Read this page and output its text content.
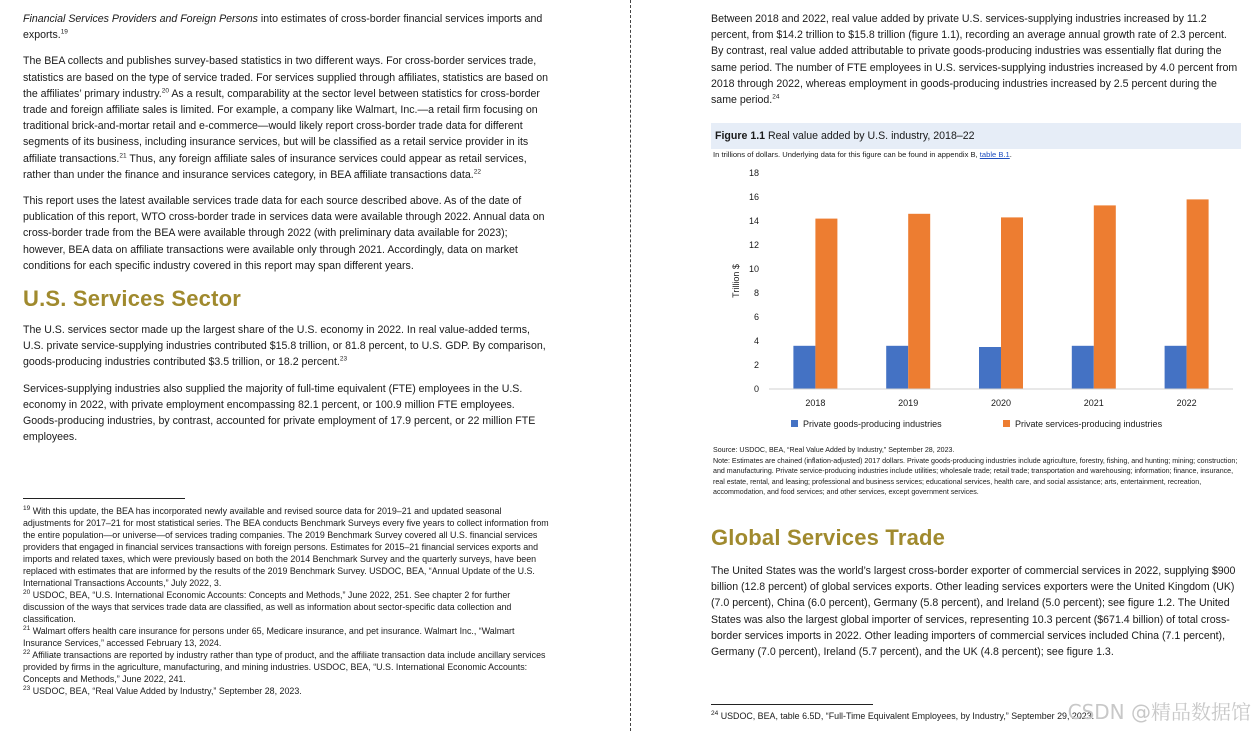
Financial Services Providers and Foreign Persons into estimates of cross-border financial services imports and exports.$^{19}$

The BEA collects and publishes survey-based statistics in two different ways. For cross-border services trade, statistics are based on the type of service traded. For services supplied through affiliates, statistics are based on the affiliates’ primary industry.$^{20}$ As a result, comparability at the sector level between statistics for cross-border trade and foreign affiliate sales is limited. For example, a company like Walmart, Inc.—a retail firm focusing on traditional brick-and-mortar retail and e-commerce—would likely report cross-border trade data for different segments of its business, including insurance services, but will be classified as a retail service provider in its affiliate transactions.$^{21}$ Thus, any foreign affiliate sales of insurance services could appear as retail services, rather than under the finance and insurance services category, in BEA affiliate transactions data.$^{22}$

This report uses the latest available services trade data for each source described above. As of the date of publication of this report, WTO cross-border trade in services data were available through 2022. Annual data on cross-border trade from the BEA were available through 2022 (with preliminary data available for 2023); however, BEA data on affiliate transactions were available only through 2021. Accordingly, data on market conditions for each specific industry covered in this report may span different years.

U.S. Services Sector

The U.S. services sector made up the largest share of the U.S. economy in 2022. In real value-added terms, U.S. private service-supplying industries contributed $15.8 trillion, or 81.8 percent, to U.S. GDP. By comparison, goods-producing industries contributed $3.5 trillion, or 18.2 percent.$^{23}$

Services-supplying industries also supplied the majority of full-time equivalent (FTE) employees in the U.S. economy in 2022, with private employment encompassing 82.1 percent, or 100.9 million FTE employees. Goods-producing industries, by contrast, accounted for private employment of 17.9 percent, or 22 million FTE employees.

$^{19}$ With this update, the BEA has incorporated newly available and revised source data for 2019–21 and updated seasonal adjustments for 2017–21 for most statistical series. The BEA conducts Benchmark Surveys every five years to collect information from the entire population—or universe—of services trading companies. The 2019 Benchmark Survey covered all U.S. financial services providers that engaged in financial services transactions with foreign persons. Estimates for 2015–21 financial services exports and imports and related taxes, which were previously based on both the 2014 Benchmark Survey and the quarterly surveys, have been replaced with estimates that are informed by the results of the 2019 Benchmark Survey. USDOC, BEA, “Annual Update of the U.S. International Transactions Accounts,” July 2022, 3.

$^{20}$ USDOC, BEA, “U.S. International Economic Accounts: Concepts and Methods,” June 2022, 251. See chapter 2 for further discussion of the ways that services trade data are classified, as well as information about sector-specific data collection and classification.

$^{21}$ Walmart offers health care insurance for persons under 65, Medicare insurance, and pet insurance. Walmart Inc., “Walmart Insurance Services,” accessed February 13, 2024.

$^{22}$ Affiliate transactions are reported by industry rather than type of product, and the affiliate transaction data include ancillary services provided by firms in the agriculture, manufacturing, and mining industries. USDOC, BEA, “U.S. International Economic Accounts: Concepts and Methods,” June 2022, 241.

$^{23}$ USDOC, BEA, “Real Value Added by Industry,” September 28, 2023.

Between 2018 and 2022, real value added by private U.S. services-supplying industries increased by 11.2 percent, from $14.2 trillion to $15.8 trillion (figure 1.1), recording an average annual growth rate of 2.3 percent. By contrast, real value added attributable to private goods-producing industries was essentially flat during the same period. The number of FTE employees in U.S. services-supplying industries increased by 4.0 percent from 2018 through 2022, whereas employment in goods-producing industries increased by 2.5 percent during the same period.$^{24}$

Figure 1.1 Real value added by U.S. industry, 2018–22
In trillions of dollars. Underlying data for this figure can be found in appendix B, table B.1.
Trillion $
0
2
4
6
8
10
12
14
16
18
2018	2019	2020	2021	2022
Private goods-producing industries	Private services-producing industries
Source: USDOC, BEA, “Real Value Added by Industry,” September 28, 2023.
Note: Estimates are chained (inflation-adjusted) 2017 dollars. Private goods-producing industries include agriculture, forestry, fishing, and hunting; mining; construction; and manufacturing. Private service-producing industries include utilities; wholesale trade; retail trade; transportation and warehousing; information; finance, insurance, real estate, rental, and leasing; professional and business services; educational services, health care, and social assistance; arts, entertainment, recreation, accommodation, and food services; and other services, except government services.
Global Services Trade

The United States was the world’s largest cross-border exporter of commercial services in 2022, supplying $900 billion (12.8 percent) of global services exports. Other leading services exporters were the United Kingdom (UK) (7.0 percent), China (6.0 percent), Germany (5.8 percent), and Ireland (5.0 percent); see figure 1.2. The United States was also the largest global importer of services, representing 10.3 percent ($671.4 billion) of total cross-border services imports in 2022. Other leading importers of commercial services included China (7.1 percent), Germany (7.0 percent), Ireland (5.7 percent), and the UK (4.8 percent); see figure 1.3.

$^{24}$ USDOC, BEA, table 6.5D, “Full-Time Equivalent Employees, by Industry,” September 29, 2023.

CSDN @精品数据馆
